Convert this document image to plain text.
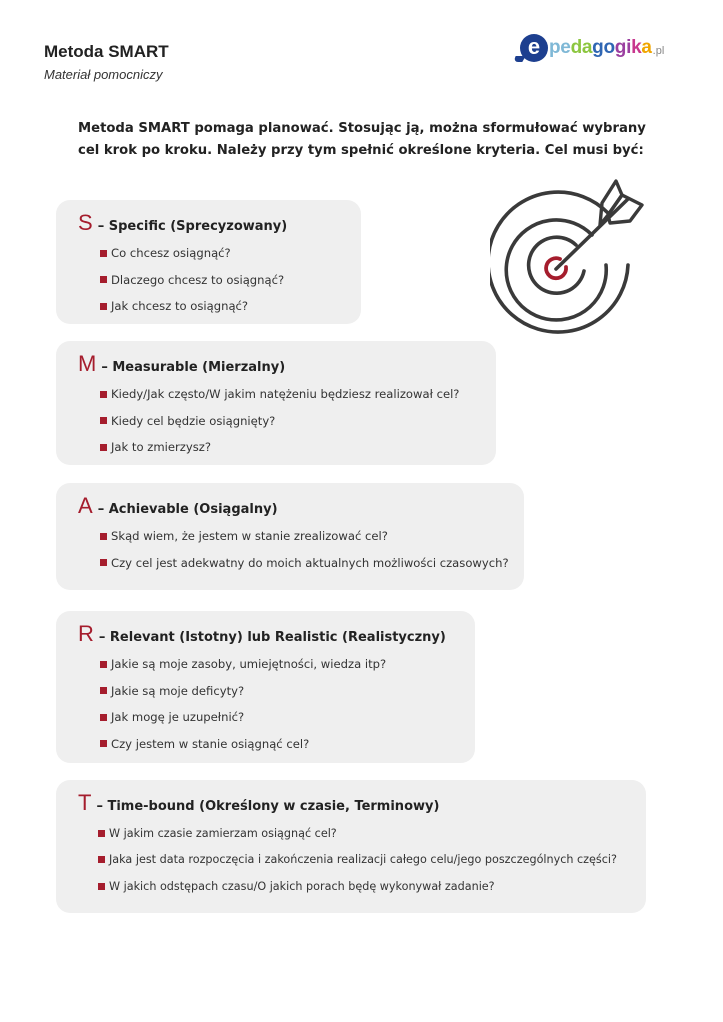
Metoda SMART
Materiał pomocniczy
e pedagogika .pl

Metoda SMART pomaga planować. Stosując ją, można sformułować wybrany cel krok po kroku. Należy przy tym spełnić określone kryteria. Cel musi być:

S – Specific (Sprecyzowany)
Co chcesz osiągnąć?
Dlaczego chcesz to osiągnąć?
Jak chcesz to osiągnąć?
M – Measurable (Mierzalny)
Kiedy/Jak często/W jakim natężeniu będziesz realizował cel?
Kiedy cel będzie osiągnięty?
Jak to zmierzysz?
A – Achievable (Osiągalny)
Skąd wiem, że jestem w stanie zrealizować cel?
Czy cel jest adekwatny do moich aktualnych możliwości czasowych?
R – Relevant (Istotny) lub Realistic (Realistyczny)
Jakie są moje zasoby, umiejętności, wiedza itp?
Jakie są moje deficyty?
Jak mogę je uzupełnić?
Czy jestem w stanie osiągnąć cel?
T – Time-bound (Określony w czasie, Terminowy)
W jakim czasie zamierzam osiągnąć cel?
Jaka jest data rozpoczęcia i zakończenia realizacji całego celu/jego poszczególnych części?
W jakich odstępach czasu/O jakich porach będę wykonywał zadanie?
